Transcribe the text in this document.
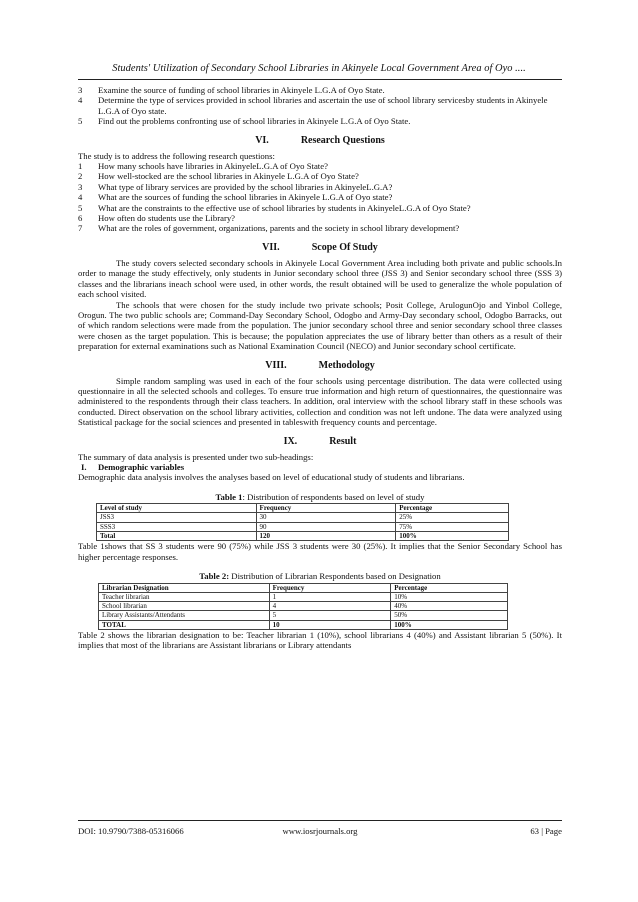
Students' Utilization of Secondary School Libraries in Akinyele Local Government Area of Oyo ....
3 Examine the source of funding of school libraries in Akinyele L.G.A of Oyo State.
4 Determine the type of services provided in school libraries and ascertain the use of school library servicesby students in Akinyele L.G.A of Oyo state.
5 Find out the problems confronting use of school libraries in Akinyele L.G.A of Oyo State.
VI.	Research Questions

The study is to address the following research questions:

1 How many schools have libraries in AkinyeleL.G.A of Oyo State?
2 How well-stocked are the school libraries in Akinyele L.G.A of Oyo State?
3 What type of library services are provided by the school libraries in AkinyeleL.G.A?
4 What are the sources of funding the school libraries in Akinyele L.G.A of Oyo state?
5 What are the constraints to the effective use of school libraries by students in AkinyeleL.G.A of Oyo State?
6 How often do students use the Library?
7 What are the roles of government, organizations, parents and the society in school library development?
VII.	Scope Of Study

The study covers selected secondary schools in Akinyele Local Government Area including both private and public schools.In order to manage the study effectively, only students in Junior secondary school three (JSS 3) and Senior secondary school three (SSS 3) classes and the librarians ineach school were used, in other words, the result obtained will be used to generalize the whole population of each school visited.

The schools that were chosen for the study include two private schools; Posit College, ArulogunOjo and Yinbol College, Orogun. The two public schools are; Command-Day Secondary School, Odogbo and Army-Day secondary school, Odogbo Barracks, out of which random selections were made from the population. The junior secondary school three and senior secondary school three classes were chosen as the target population. This is because; the population appreciates the use of library better than others as a result of their preparation for external examinations such as National Examination Council (NECO) and Junior secondary school certificate.

VIII.	Methodology

Simple random sampling was used in each of the four schools using percentage distribution. The data were collected using questionnaire in all the selected schools and colleges. To ensure true information and high return of questionnaires, the questionnaire was administered to the respondents through their class teachers. In addition, oral interview with the school library staff in these schools was conducted. Direct observation on the school library activities, collection and condition was not left undone. The data were analyzed using Statistical package for the social sciences and presented in tableswith frequency counts and percentage.

IX.	Result

The summary of data analysis is presented under two sub-headings:

I. Demographic variables

Demographic data analysis involves the analyses based on level of educational study of students and librarians.

Table 1: Distribution of respondents based on level of study
Level of study	Frequency	Percentage
JSS3	30	25%
SSS3	90	75%
Total	120	100%

Table 1shows that SS 3 students were 90 (75%) while JSS 3 students were 30 (25%). It implies that the Senior Secondary School has higher percentage responses.

Table 2: Distribution of Librarian Respondents based on Designation
Librarian Designation	Frequency	Percentage
Teacher librarian	1	10%
School librarian	4	40%
Library Assistants/Attendants	5	50%
TOTAL	10	100%

Table 2 shows the librarian designation to be: Teacher librarian 1 (10%), school librarians 4 (40%) and Assistant librarian 5 (50%). It implies that most of the librarians are Assistant librarians or Library attendants

DOI: 10.9790/7388-05316066	www.iosrjournals.org	63 | Page
